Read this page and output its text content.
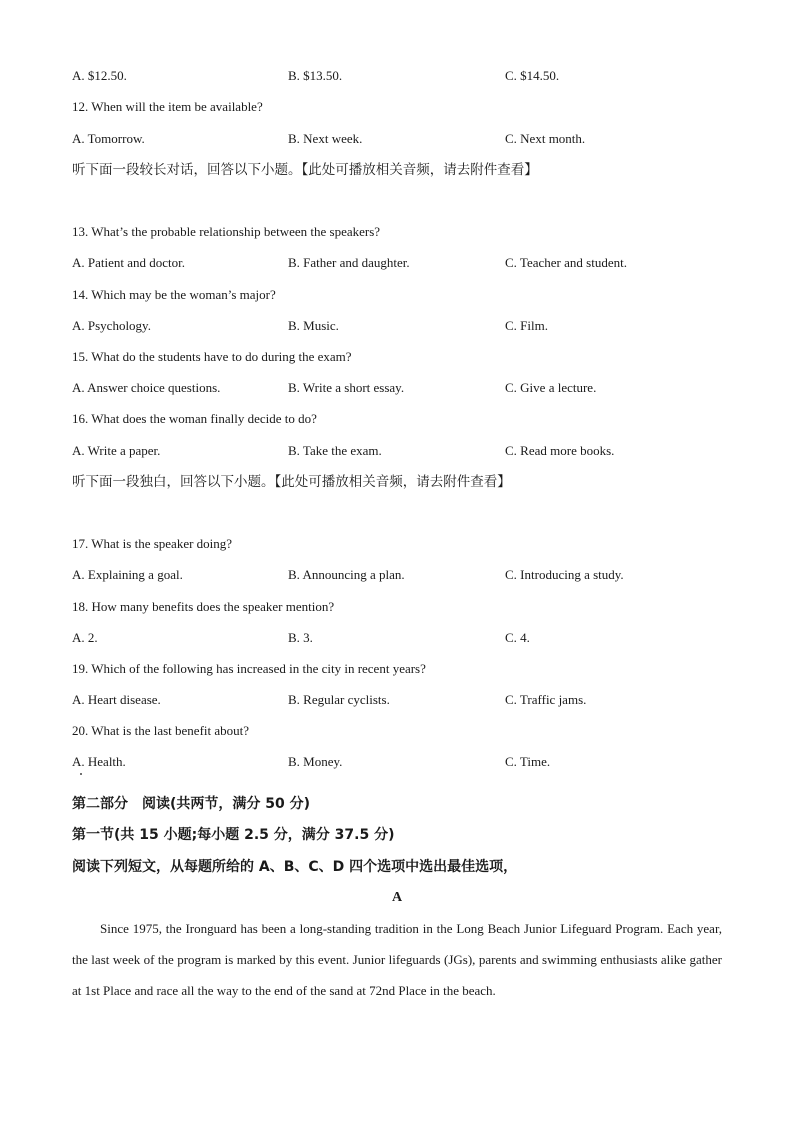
A. $12.50.	B. $13.50.	C. $14.50.
12. When will the item be available?
A. Tomorrow.	B. Next week.	C. Next month.
听下面一段较长对话，回答以下小题。【此处可播放相关音频，请去附件查看】
13. What’s the probable relationship between the speakers?
A. Patient and doctor.	B. Father and daughter.	C. Teacher and student.
14. Which may be the woman’s major?
A. Psychology.	B. Music.	C. Film.
15. What do the students have to do during the exam?
A. Answer choice questions.	B. Write a short essay.	C. Give a lecture.
16. What does the woman finally decide to do?
A. Write a paper.	B. Take the exam.	C. Read more books.
听下面一段独白，回答以下小题。【此处可播放相关音频，请去附件查看】
17. What is the speaker doing?
A. Explaining a goal.	B. Announcing a plan.	C. Introducing a study.
18. How many benefits does the speaker mention?
A. 2.	B. 3.	C. 4.
19. Which of the following has increased in the city in recent years?
A. Heart disease.	B. Regular cyclists.	C. Traffic jams.
20. What is the last benefit about?
A. Health.	B. Money.	C. Time.
第二部分　阅读(共两节，满分 50 分)
第一节(共 15 小题;每小题 2.5 分，满分 37.5 分)
阅读下列短文，从每题所给的 A、B、C、D 四个选项中选出最佳选项，
A
Since 1975, the Ironguard has been a long-standing tradition in the Long Beach Junior Lifeguard Program. Each year, the last week of the program is marked by this event. Junior lifeguards (JGs), parents and swimming enthusiasts alike gather at 1st Place and race all the way to the end of the sand at 72nd Place in the beach.
